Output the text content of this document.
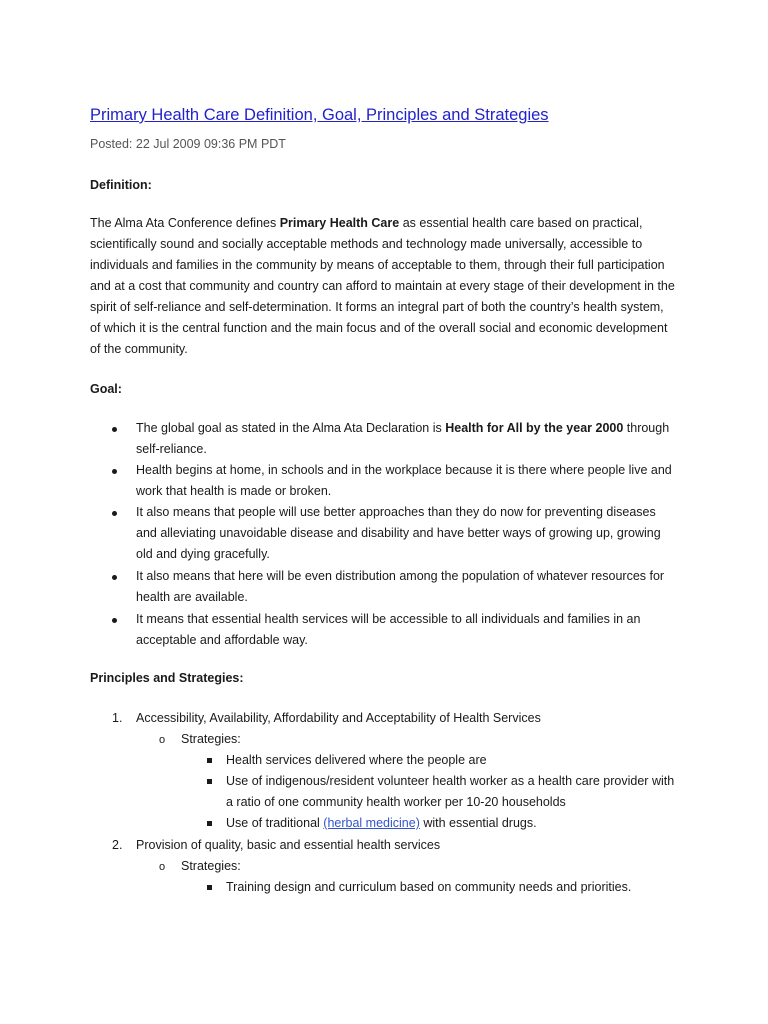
Primary Health Care Definition, Goal, Principles and Strategies
Posted: 22 Jul 2009 09:36 PM PDT
Definition:
The Alma Ata Conference defines Primary Health Care as essential health care based on practical,
scientifically sound and socially acceptable methods and technology made universally, accessible to
individuals and families in the community by means of acceptable to them, through their full participation
and at a cost that community and country can afford to maintain at every stage of their development in the
spirit of self-reliance and self-determination. It forms an integral part of both the country’s health system,
of which it is the central function and the main focus and of the overall social and economic development
of the community.
Goal:
The global goal as stated in the Alma Ata Declaration is Health for All by the year 2000 through
self-reliance.
Health begins at home, in schools and in the workplace because it is there where people live and
work that health is made or broken.
It also means that people will use better approaches than they do now for preventing diseases
and alleviating unavoidable disease and disability and have better ways of growing up, growing
old and dying gracefully.
It also means that here will be even distribution among the population of whatever resources for
health are available.
It means that essential health services will be accessible to all individuals and families in an
acceptable and affordable way.
Principles and Strategies:
1. Accessibility, Availability, Affordability and Acceptability of Health Services
o Strategies:
Health services delivered where the people are
Use of indigenous/resident volunteer health worker as a health care provider with
a ratio of one community health worker per 10-20 households
Use of traditional (herbal medicine) with essential drugs.
2. Provision of quality, basic and essential health services
o Strategies:
Training design and curriculum based on community needs and priorities.
